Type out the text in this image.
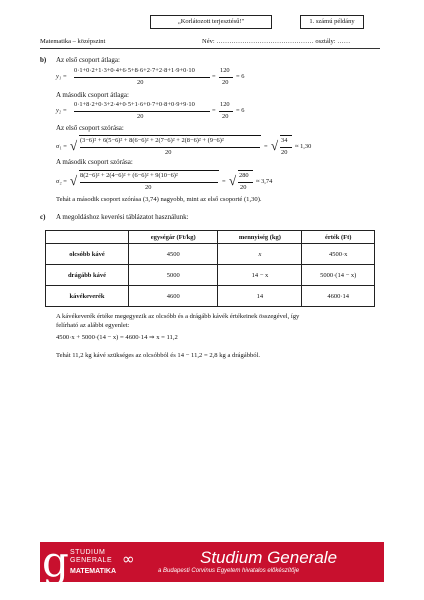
„Korlátozott terjesztésű!"	1. számú példány
Matematika – középszint	Név: ……………………………………… osztály: ……
b) Az első csoport átlaga:
y₁ =
0·1+0·2+1·3+0·4+6·5+8·6+2·7+2·8+1·9+0·10
20
=
120
20
= 6
A második csoport átlaga:
y₂ =
0·1+8·2+0·3+2·4+0·5+1·6+0·7+0·8+0·9+9·10
20
=
120
20
= 6
Az első csoport szórása:
σ₁ = √ (3−6)² + 6(5−6)² + 8(6−6)² + 2(7−6)² + 2(8−6)² + (9−6)²
20
= √ 34
20
≈ 1,30
A második csoport szórása:
σ₂ = √ 8(2−6)² + 2(4−6)² + (6−6)² + 9(10−6)²
20
= √ 280
20
≈ 3,74
Tehát a második csoport szórása (3,74) nagyobb, mint az első csoporté (1,30).
c) A megoldáshoz keverési táblázatot használunk:
	egységár (Ft/kg)	mennyiség (kg)	érték (Ft)
olcsóbb kávé	4500	x	4500·x
drágább kávé	5000	14 − x	5000·(14 − x)
kávékeverék	4600	14	4600·14
A kávékeverék értéke megegyezik az olcsóbb és a drágább kávék értékeinek összegével, így
felírható az alábbi egyenlet:
4500·x + 5000·(14 − x) = 4600·14 ⇒ x = 11,2
Tehát 11,2 kg kávé szükséges az olcsóbból és 14 − 11,2 = 2,8 kg a drágábból.
g STUDIUM
GENERALE
MATEMATIKA
∞	Studium Generale
a Budapesti Corvinus Egyetem hivatalos előkészítője
